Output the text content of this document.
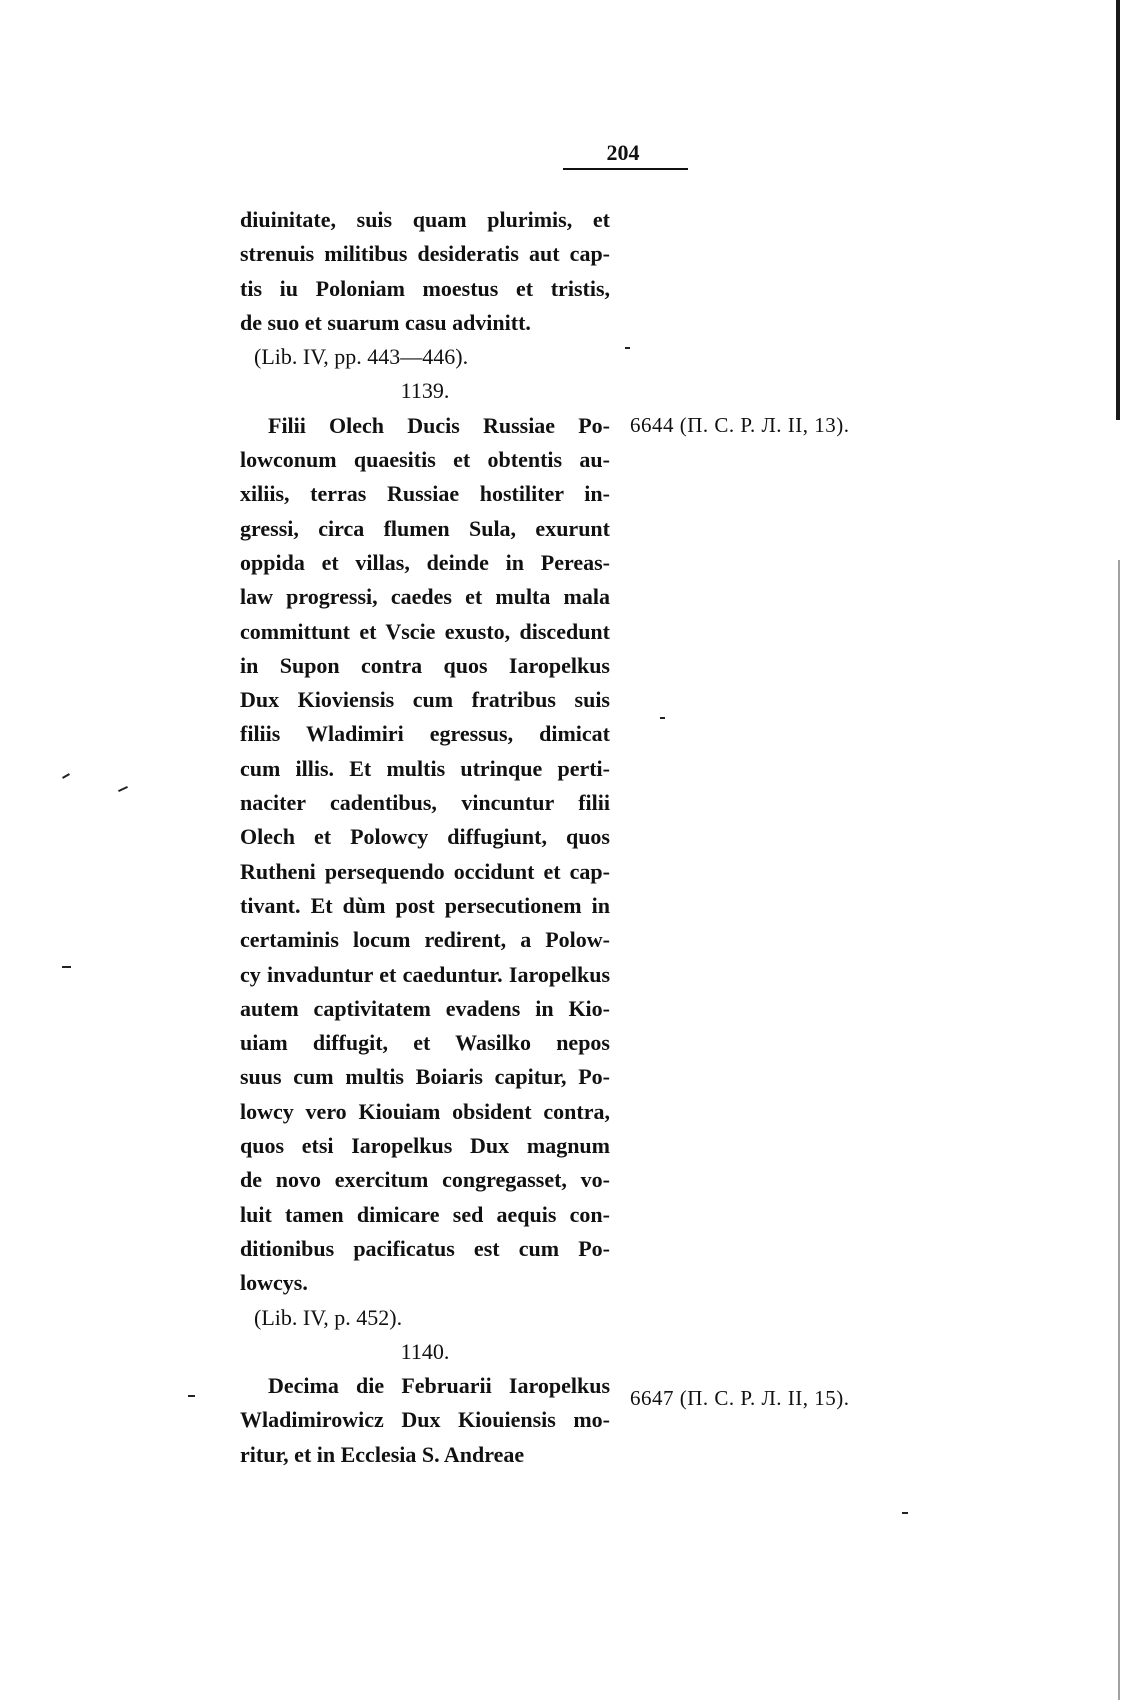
204
diuinitate, suis quam plurimis, et
strenuis militibus desideratis aut cap-
tis iu Poloniam moestus et tristis,
de suo et suarum casu advinitt.
(Lib. IV, pp. 443—446).
1139.
Filii Olech Ducis Russiae Po-
lowconum quaesitis et obtentis au-
xiliis, terras Russiae hostiliter in-
gressi, circa flumen Sula, exurunt
oppida et villas, deinde in Pereas-
law progressi, caedes et multa mala
committunt et Vscie exusto, discedunt
in Supon contra quos Iaropelkus
Dux Kioviensis cum fratribus suis
filiis Wladimiri egressus, dimicat
cum illis. Et multis utrinque perti-
naciter cadentibus, vincuntur filii
Olech et Polowcy diffugiunt, quos
Rutheni persequendo occidunt et cap-
tivant. Et dùm post persecutionem in
certaminis locum redirent, a Polow-
cy invaduntur et caeduntur. Iaropelkus
autem captivitatem evadens in Kio-
uiam diffugit, et Wasilko nepos
suus cum multis Boiaris capitur, Po-
lowcy vero Kiouiam obsident contra,
quos etsi Iaropelkus Dux magnum
de novo exercitum congregasset, vo-
luit tamen dimicare sed aequis con-
ditionibus pacificatus est cum Po-
lowcys.
(Lib. IV, p. 452).
1140.
Decima die Februarii Iaropelkus
Wladimirowicz Dux Kiouiensis mo-
ritur, et in Ecclesia S. Andreae
6644 (П. С. Р. Л. II, 13).
6647 (П. С. Р. Л. II, 15).
